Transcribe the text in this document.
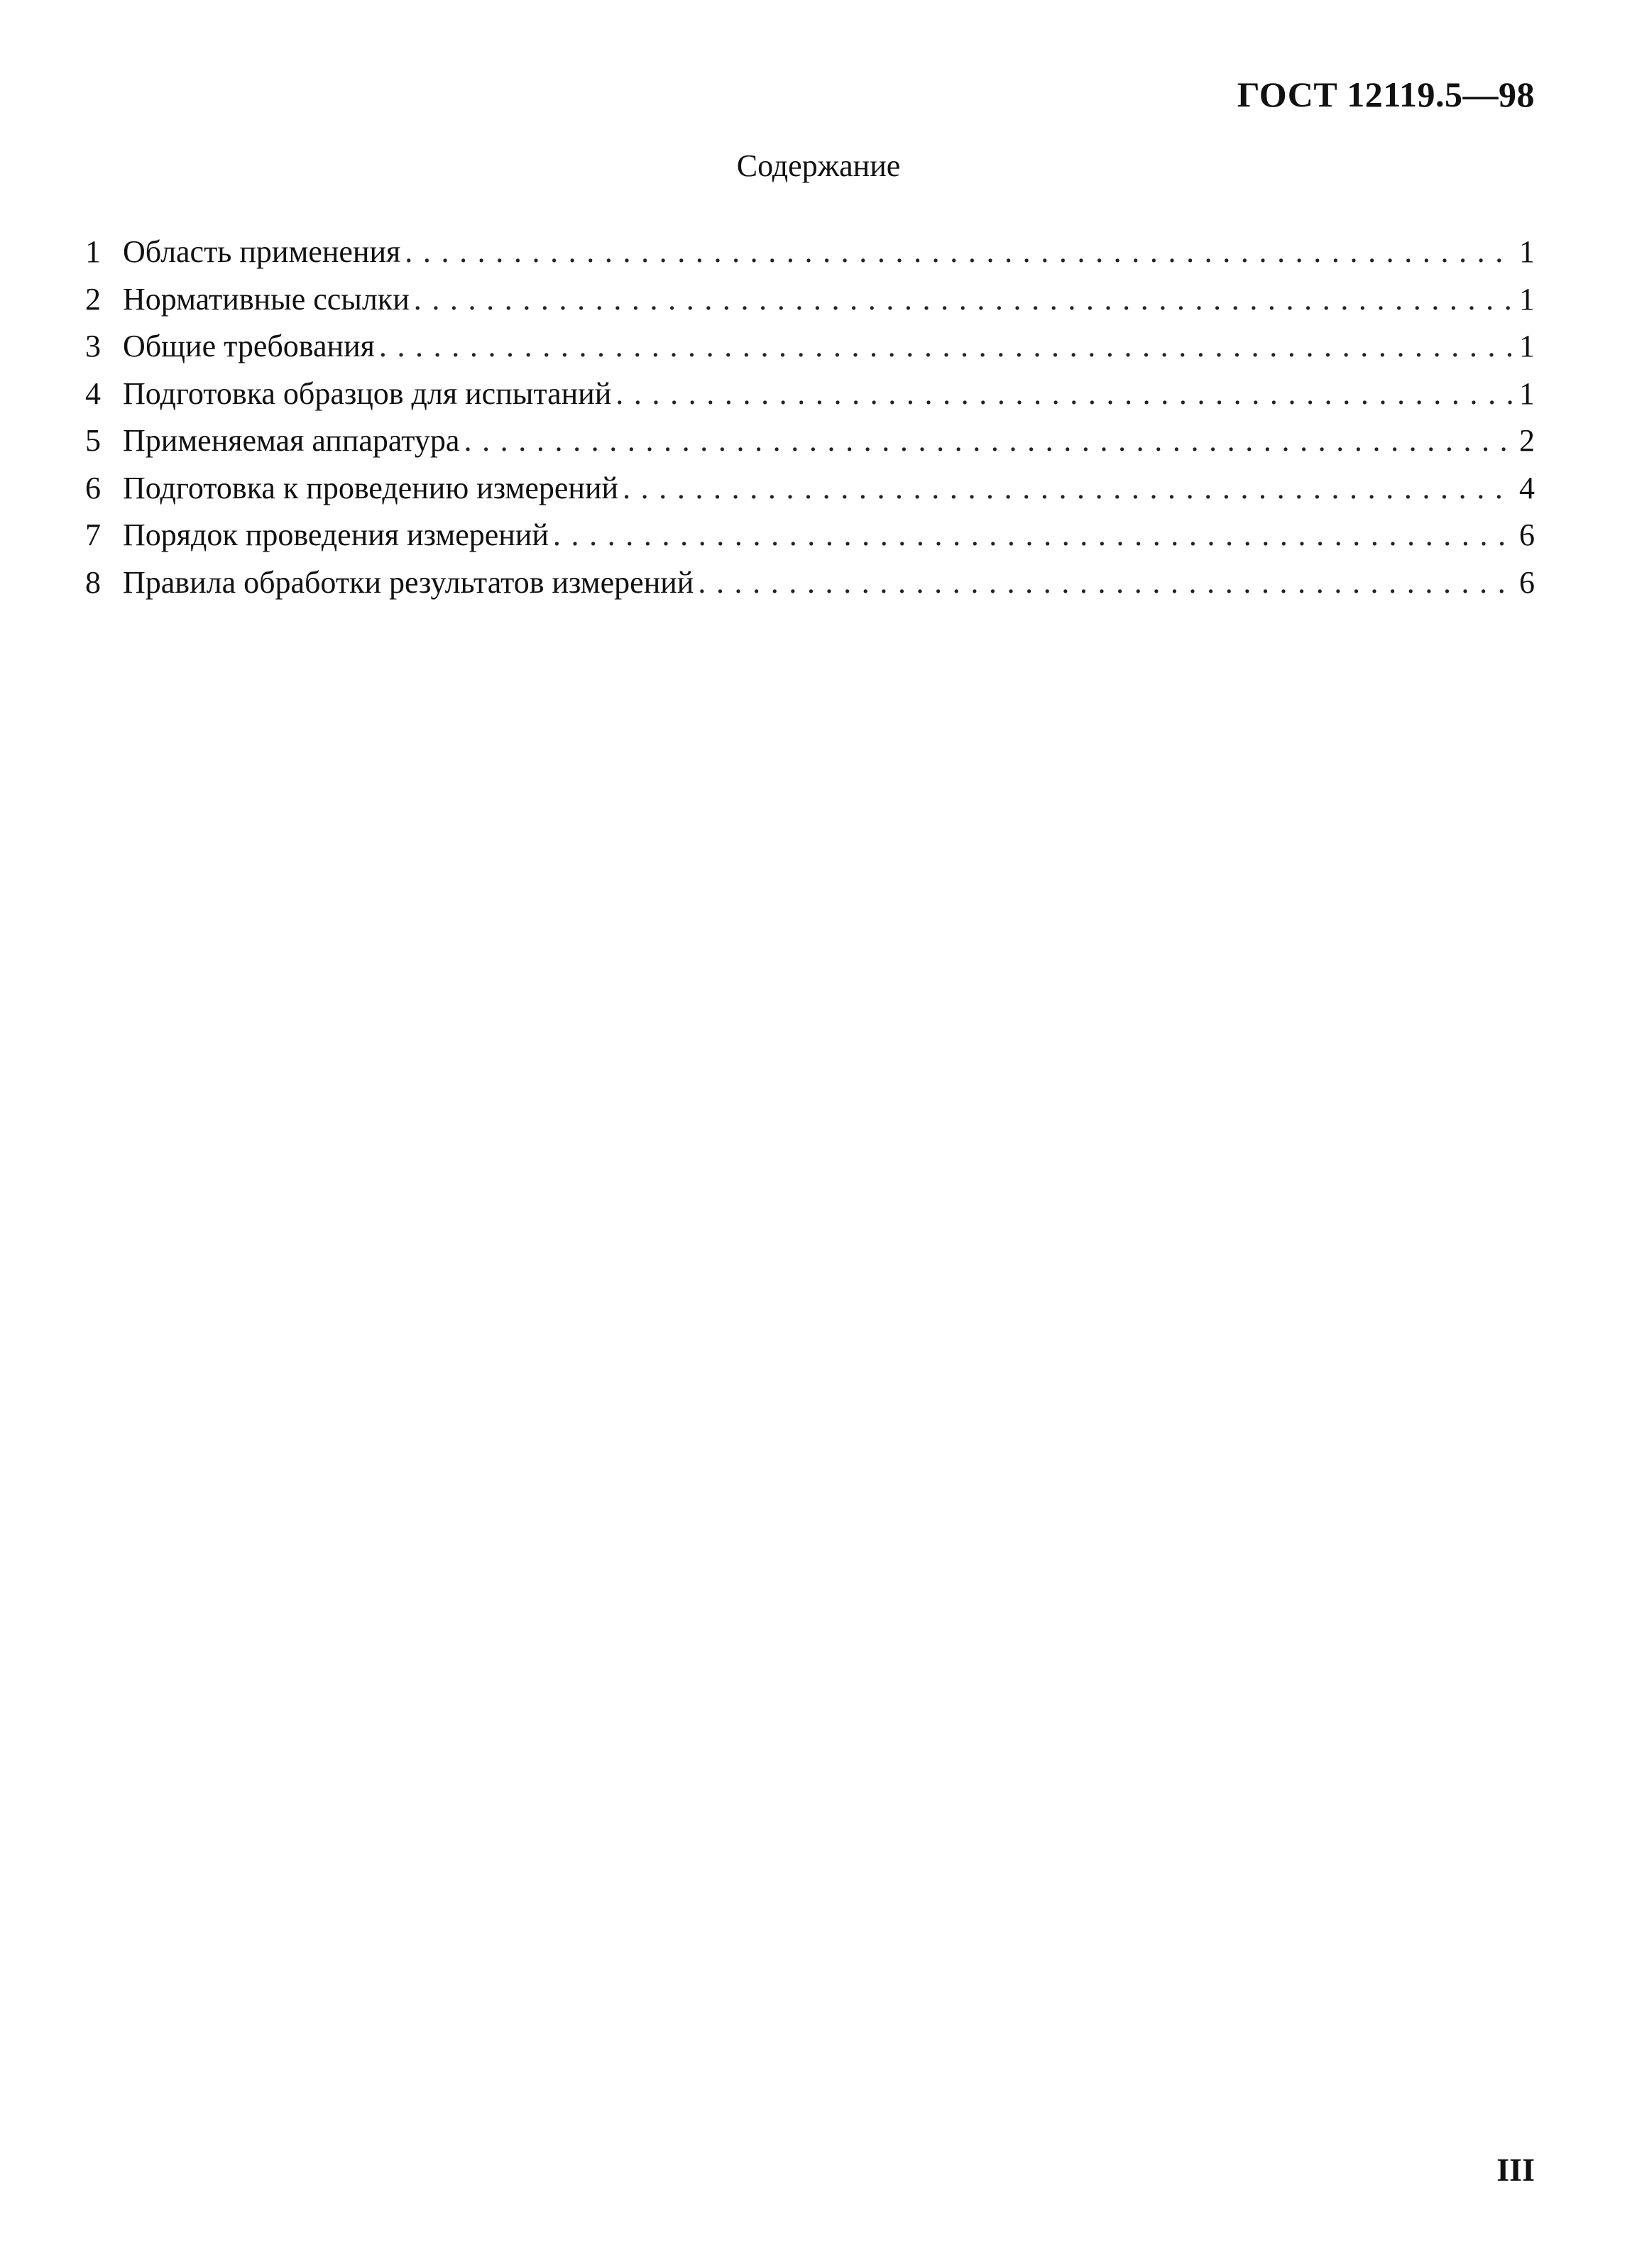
ГОСТ 12119.5—98
Содержание
1 Область применения .....	1
2 Нормативные ссылки .....	1
3 Общие требования .....	1
4 Подготовка образцов для испытаний .....	1
5 Применяемая аппаратура .....	2
6 Подготовка к проведению измерений .....	4
7 Порядок проведения измерений .....	6
8 Правила обработки результатов измерений .....	6
III
